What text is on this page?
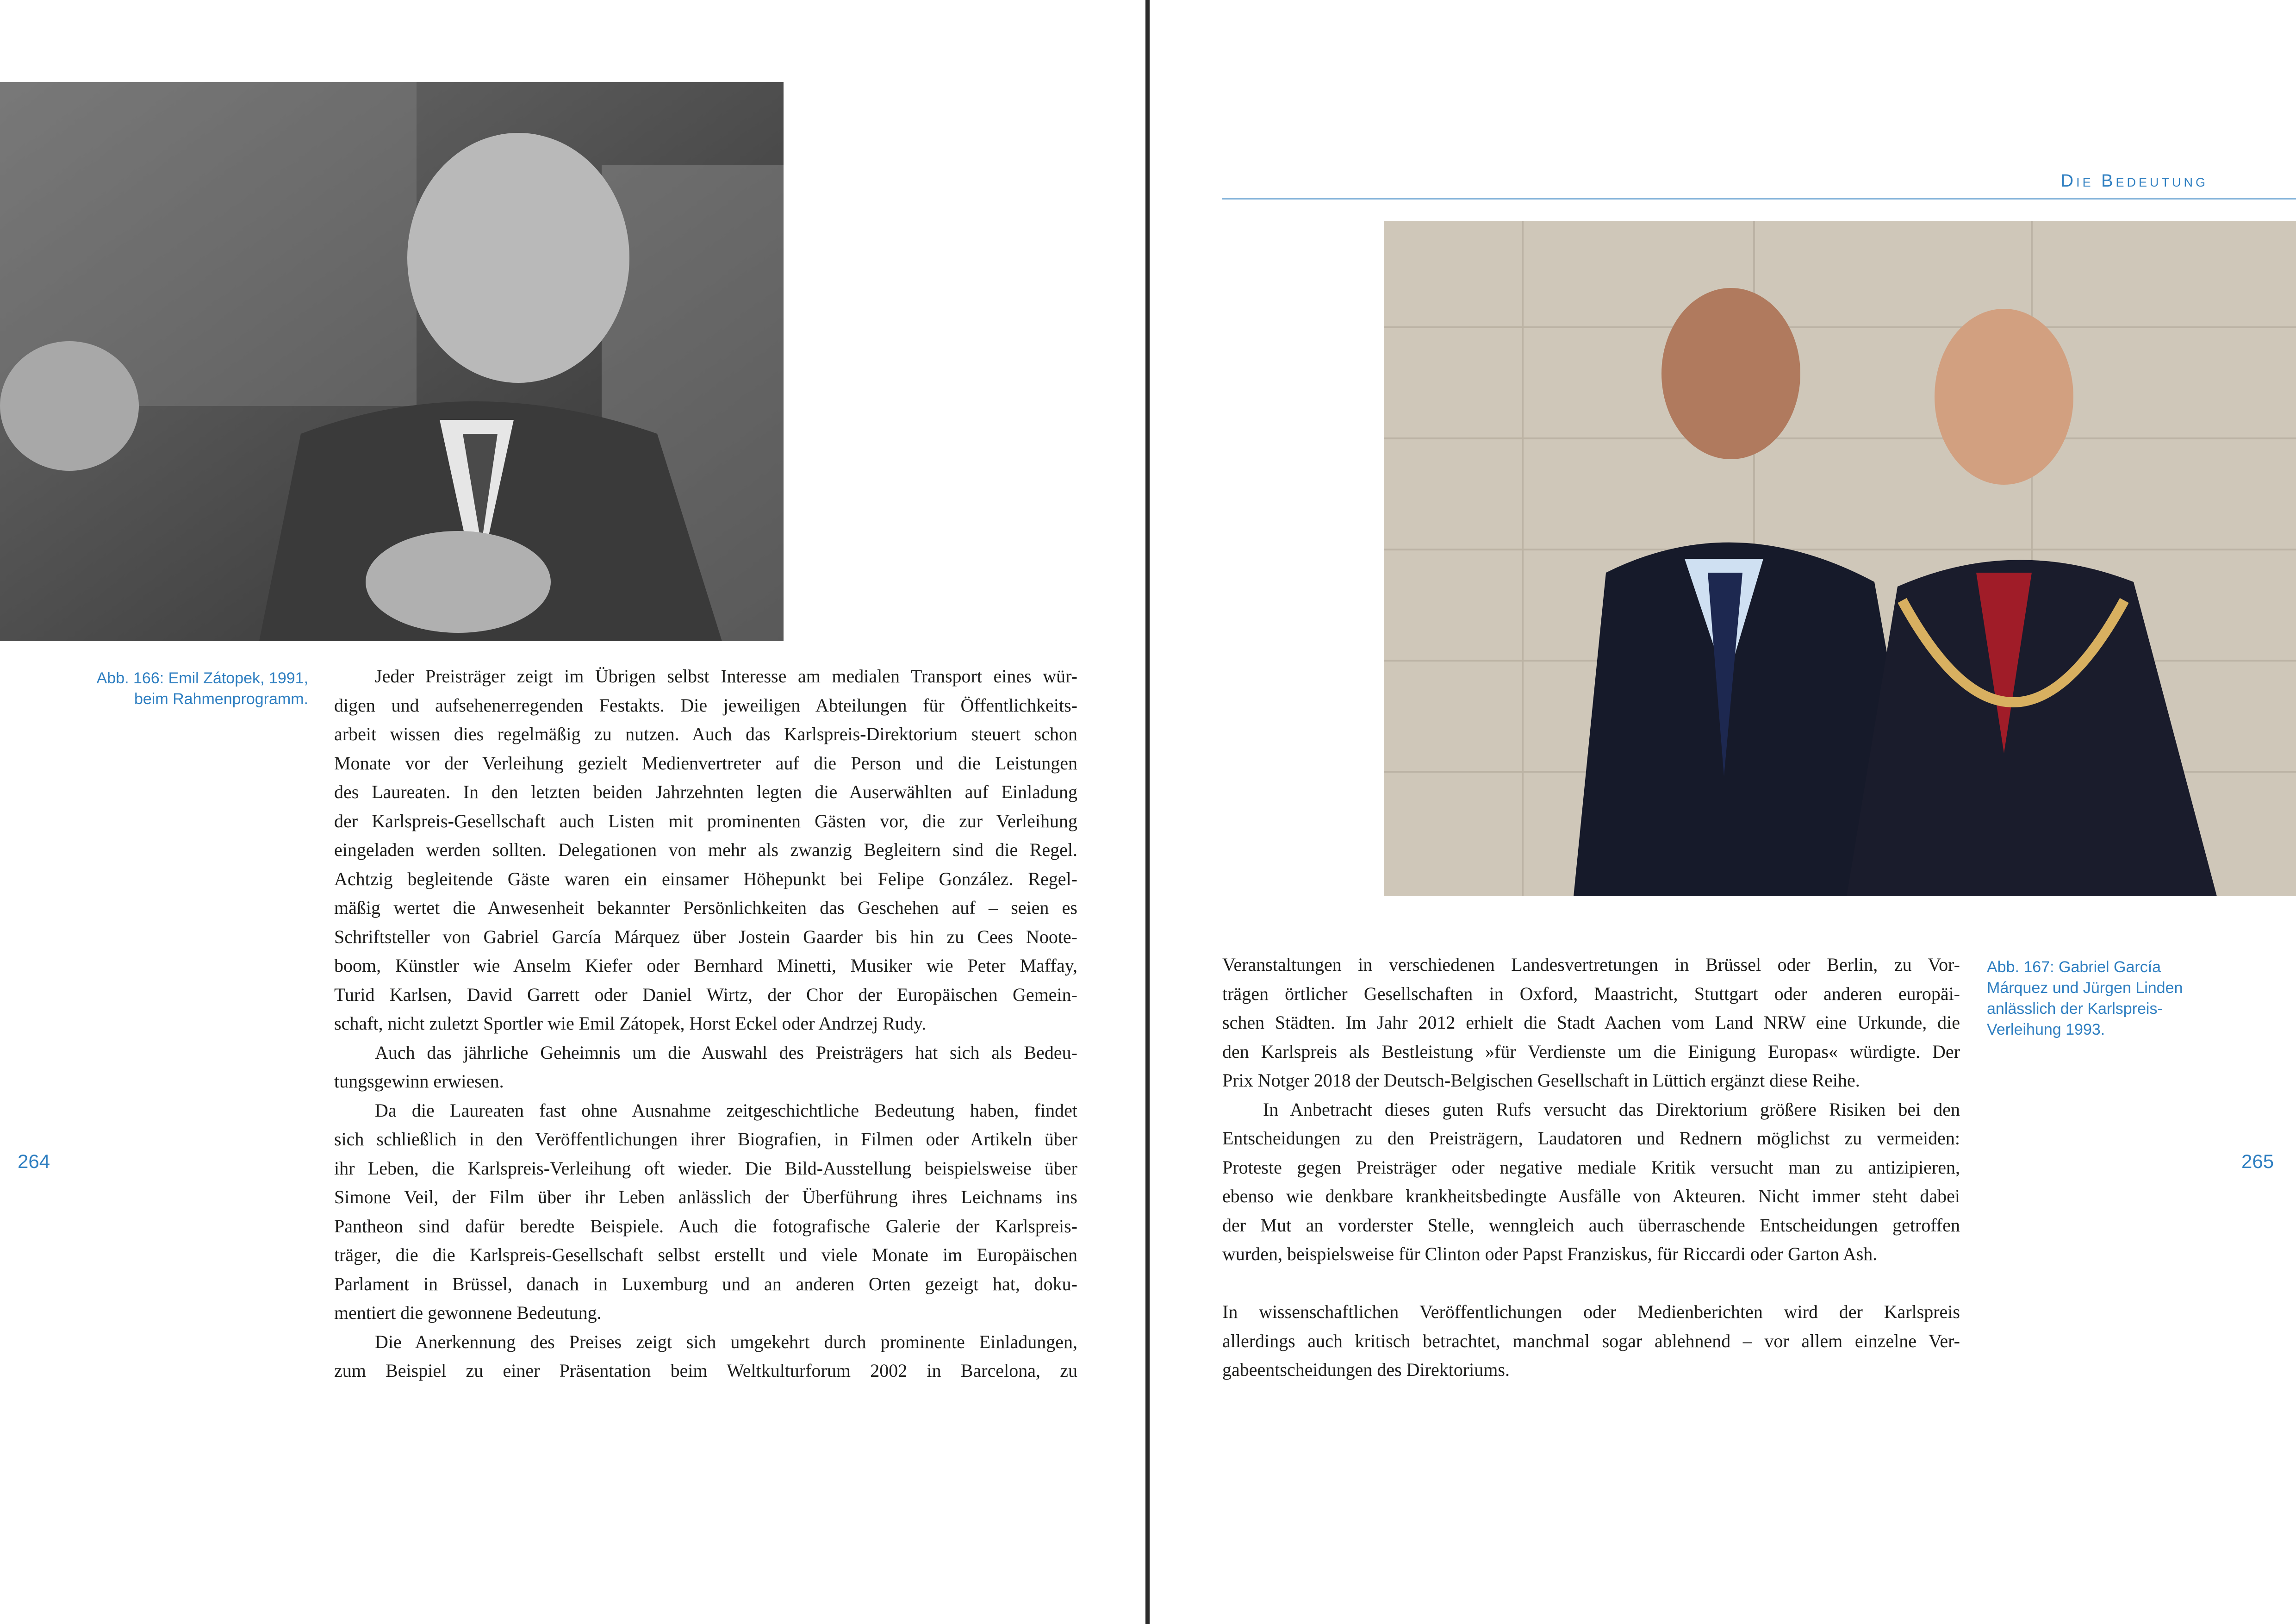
Abb. 166: Emil Zátopek, 1991,
beim Rahmenprogramm.
Abb. 167: Gabriel García
Márquez und Jürgen Linden
anlässlich der Karlspreis-
Verleihung 1993.
Die Bedeutung
264	265
Jeder Preisträger zeigt im Übrigen selbst Interesse am medialen Transport eines wür-
digen und aufsehenerregenden Festakts. Die jeweiligen Abteilungen für Öffentlichkeits-
arbeit wissen dies regelmäßig zu nutzen. Auch das Karlspreis-Direktorium steuert schon
Monate vor der Verleihung gezielt Medienvertreter auf die Person und die Leistungen
des Laureaten. In den letzten beiden Jahrzehnten legten die Auserwählten auf Einladung
der Karlspreis-Gesellschaft auch Listen mit prominenten Gästen vor, die zur Verleihung
eingeladen werden sollten. Delegationen von mehr als zwanzig Begleitern sind die Regel.
Achtzig begleitende Gäste waren ein einsamer Höhepunkt bei Felipe González. Regel-
mäßig wertet die Anwesenheit bekannter Persönlichkeiten das Geschehen auf – seien es
Schriftsteller von Gabriel García Márquez über Jostein Gaarder bis hin zu Cees Noote-
boom, Künstler wie Anselm Kiefer oder Bernhard Minetti, Musiker wie Peter Maffay,
Turid Karlsen, David Garrett oder Daniel Wirtz, der Chor der Europäischen Gemein-
schaft, nicht zuletzt Sportler wie Emil Zátopek, Horst Eckel oder Andrzej Rudy.
Auch das jährliche Geheimnis um die Auswahl des Preisträgers hat sich als Bedeu-
tungsgewinn erwiesen.
Da die Laureaten fast ohne Ausnahme zeitgeschichtliche Bedeutung haben, findet
sich schließlich in den Veröffentlichungen ihrer Biografien, in Filmen oder Artikeln über
ihr Leben, die Karlspreis-Verleihung oft wieder. Die Bild-Ausstellung beispielsweise über
Simone Veil, der Film über ihr Leben anlässlich der Überführung ihres Leichnams ins
Pantheon sind dafür beredte Beispiele. Auch die fotografische Galerie der Karlspreis-
träger, die die Karlspreis-Gesellschaft selbst erstellt und viele Monate im Europäischen
Parlament in Brüssel, danach in Luxemburg und an anderen Orten gezeigt hat, doku-
mentiert die gewonnene Bedeutung.
Die Anerkennung des Preises zeigt sich umgekehrt durch prominente Einladungen,
zum Beispiel zu einer Präsentation beim Weltkulturforum 2002 in Barcelona, zu
Veranstaltungen in verschiedenen Landesvertretungen in Brüssel oder Berlin, zu Vor-
trägen örtlicher Gesellschaften in Oxford, Maastricht, Stuttgart oder anderen europäi-
schen Städten. Im Jahr 2012 erhielt die Stadt Aachen vom Land NRW eine Urkunde, die
den Karlspreis als Bestleistung »für Verdienste um die Einigung Europas« würdigte. Der
Prix Notger 2018 der Deutsch-Belgischen Gesellschaft in Lüttich ergänzt diese Reihe.
In Anbetracht dieses guten Rufs versucht das Direktorium größere Risiken bei den
Entscheidungen zu den Preisträgern, Laudatoren und Rednern möglichst zu vermeiden:
Proteste gegen Preisträger oder negative mediale Kritik versucht man zu antizipieren,
ebenso wie denkbare krankheitsbedingte Ausfälle von Akteuren. Nicht immer steht dabei
der Mut an vorderster Stelle, wenngleich auch überraschende Entscheidungen getroffen
wurden, beispielsweise für Clinton oder Papst Franziskus, für Riccardi oder Garton Ash.
In wissenschaftlichen Veröffentlichungen oder Medienberichten wird der Karlspreis
allerdings auch kritisch betrachtet, manchmal sogar ablehnend – vor allem einzelne Ver-
gabeentscheidungen des Direktoriums.
